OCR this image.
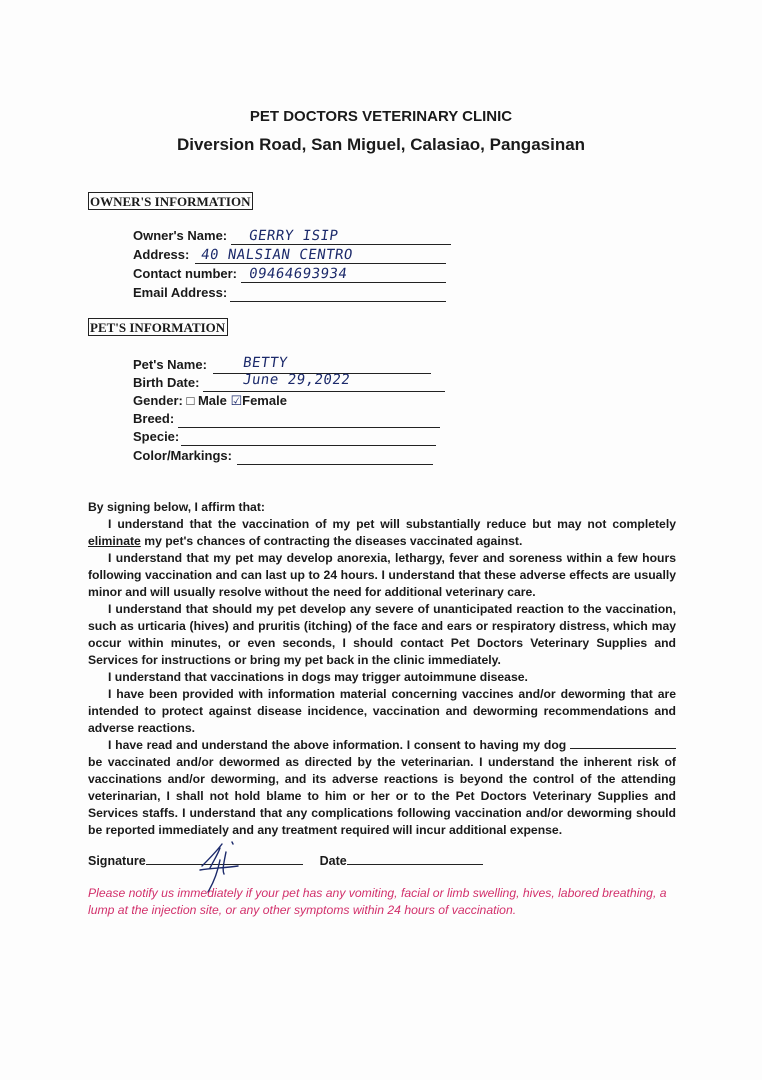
PET DOCTORS VETERINARY CLINIC
Diversion Road, San Miguel, Calasiao, Pangasinan
OWNER'S INFORMATION
Owner's Name: GERRY ISIP
Address: 40 NALSIAN CENTRO
Contact number: 09464693934
Email Address:
PET'S INFORMATION
Pet's Name: BETTY
Birth Date:	June 29,2022
Gender: □ Male ☑Female
Breed:
Specie:
Color/Markings:

By signing below, I affirm that:

I understand that the vaccination of my pet will substantially reduce but may not completely eliminate my pet's chances of contracting the diseases vaccinated against.

I understand that my pet may develop anorexia, lethargy, fever and soreness within a few hours following vaccination and can last up to 24 hours. I understand that these adverse effects are usually minor and will usually resolve without the need for additional veterinary care.

I understand that should my pet develop any severe of unanticipated reaction to the vaccination, such as urticaria (hives) and pruritis (itching) of the face and ears or respiratory distress, which may occur within minutes, or even seconds, I should contact Pet Doctors Veterinary Supplies and Services for instructions or bring my pet back in the clinic immediately.

I understand that vaccinations in dogs may trigger autoimmune disease.

I have been provided with information material concerning vaccines and/or deworming that are intended to protect against disease incidence, vaccination and deworming recommendations and adverse reactions.

I have read and understand the above information. I consent to having my dog  be vaccinated and/or dewormed as directed by the veterinarian. I understand the inherent risk of vaccinations and/or deworming, and its adverse reactions is beyond the control of the attending veterinarian, I shall not hold blame to him or her or to the Pet Doctors Veterinary Supplies and Services staffs. I understand that any complications following vaccination and/or deworming should be reported immediately and any treatment required will incur additional expense.

Signature	Date
Please notify us immediately if your pet has any vomiting, facial or limb swelling, hives, labored breathing, a lump at the injection site, or any other symptoms within 24 hours of vaccination.
